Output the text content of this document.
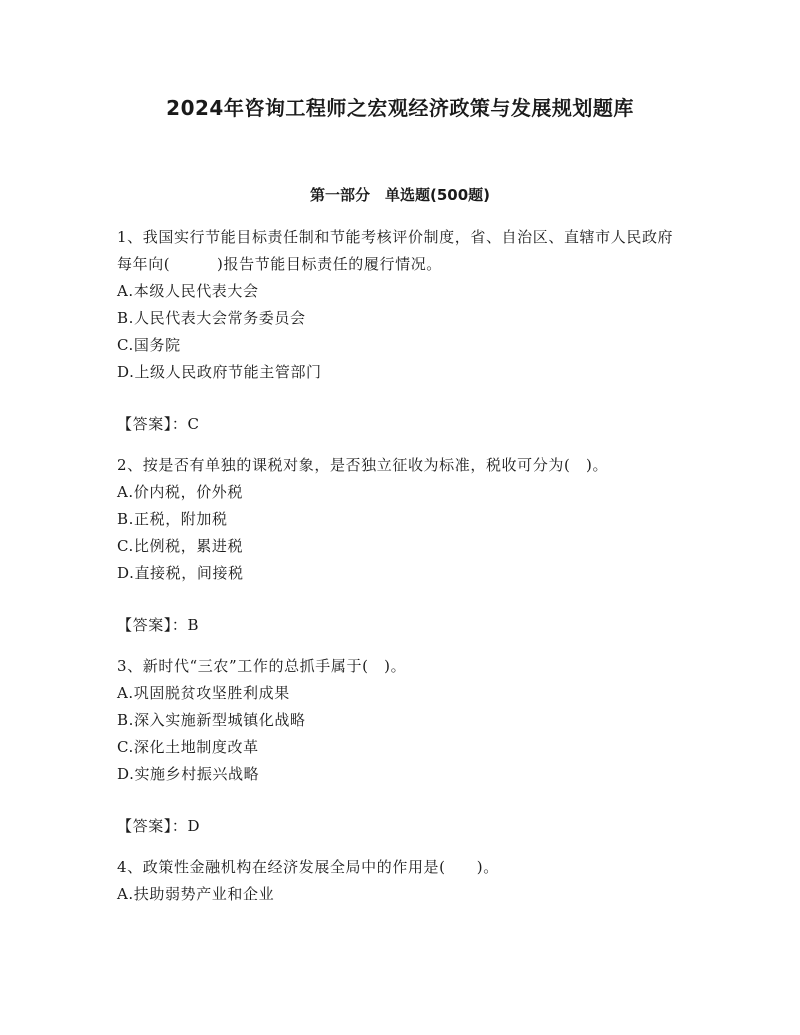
2024年咨询工程师之宏观经济政策与发展规划题库
第一部分　单选题(500题)

1、我国实行节能目标责任制和节能考核评价制度，省、自治区、直辖市人民政府每年向(　　　)报告节能目标责任的履行情况。

A.本级人民代表大会

B.人民代表大会常务委员会

C.国务院

D.上级人民政府节能主管部门

【答案】：C

2、按是否有单独的课税对象，是否独立征收为标准，税收可分为(　)。

A.价内税，价外税

B.正税，附加税

C.比例税，累进税

D.直接税，间接税

【答案】：B

3、新时代“三农”工作的总抓手属于(　)。

A.巩固脱贫攻坚胜利成果

B.深入实施新型城镇化战略

C.深化土地制度改革

D.实施乡村振兴战略

【答案】：D

4、政策性金融机构在经济发展全局中的作用是(　　)。

A.扶助弱势产业和企业
